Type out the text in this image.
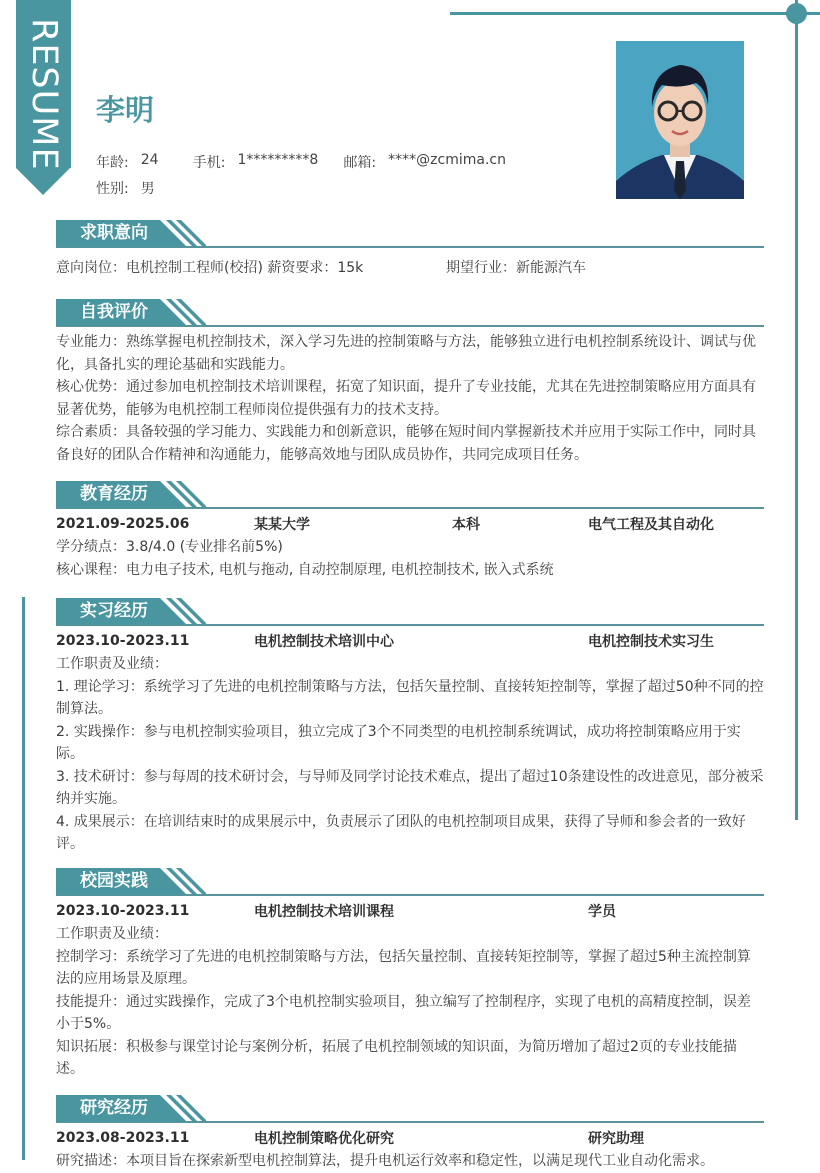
RESUME 李明
年龄: 24	手机: 1*********8	邮箱: ****@zcmima.cn
性别: 男
求职意向
意向岗位：电机控制工程师(校招) 薪资要求：15k	期望行业：新能源汽车
自我评价
专业能力：熟练掌握电机控制技术，深入学习先进的控制策略与方法，能够独立进行电机控制系统设计、调试与优
化，具备扎实的理论基础和实践能力。
核心优势：通过参加电机控制技术培训课程，拓宽了知识面，提升了专业技能，尤其在先进控制策略应用方面具有
显著优势，能够为电机控制工程师岗位提供强有力的技术支持。
综合素质：具备较强的学习能力、实践能力和创新意识，能够在短时间内掌握新技术并应用于实际工作中，同时具
备良好的团队合作精神和沟通能力，能够高效地与团队成员协作，共同完成项目任务。
教育经历
2021.09-2025.06	某某大学	本科	电气工程及其自动化
学分绩点：3.8/4.0 (专业排名前5%)
核心课程：电力电子技术, 电机与拖动, 自动控制原理, 电机控制技术, 嵌入式系统
实习经历
2023.10-2023.11	电机控制技术培训中心	电机控制技术实习生
工作职责及业绩：
1. 理论学习：系统学习了先进的电机控制策略与方法，包括矢量控制、直接转矩控制等，掌握了超过50种不同的控
制算法。
2. 实践操作：参与电机控制实验项目，独立完成了3个不同类型的电机控制系统调试，成功将控制策略应用于实
际。
3. 技术研讨：参与每周的技术研讨会，与导师及同学讨论技术难点，提出了超过10条建设性的改进意见，部分被采
纳并实施。
4. 成果展示：在培训结束时的成果展示中，负责展示了团队的电机控制项目成果，获得了导师和参会者的一致好
评。
校园实践
2023.10-2023.11	电机控制技术培训课程	学员
工作职责及业绩：
控制学习：系统学习了先进的电机控制策略与方法，包括矢量控制、直接转矩控制等，掌握了超过5种主流控制算
法的应用场景及原理。
技能提升：通过实践操作，完成了3个电机控制实验项目，独立编写了控制程序，实现了电机的高精度控制，误差
小于5%。
知识拓展：积极参与课堂讨论与案例分析，拓展了电机控制领域的知识面，为简历增加了超过2页的专业技能描
述。
研究经历
2023.08-2023.11	电机控制策略优化研究	研究助理
研究描述：本项目旨在探索新型电机控制算法，提升电机运行效率和稳定性，以满足现代工业自动化需求。
